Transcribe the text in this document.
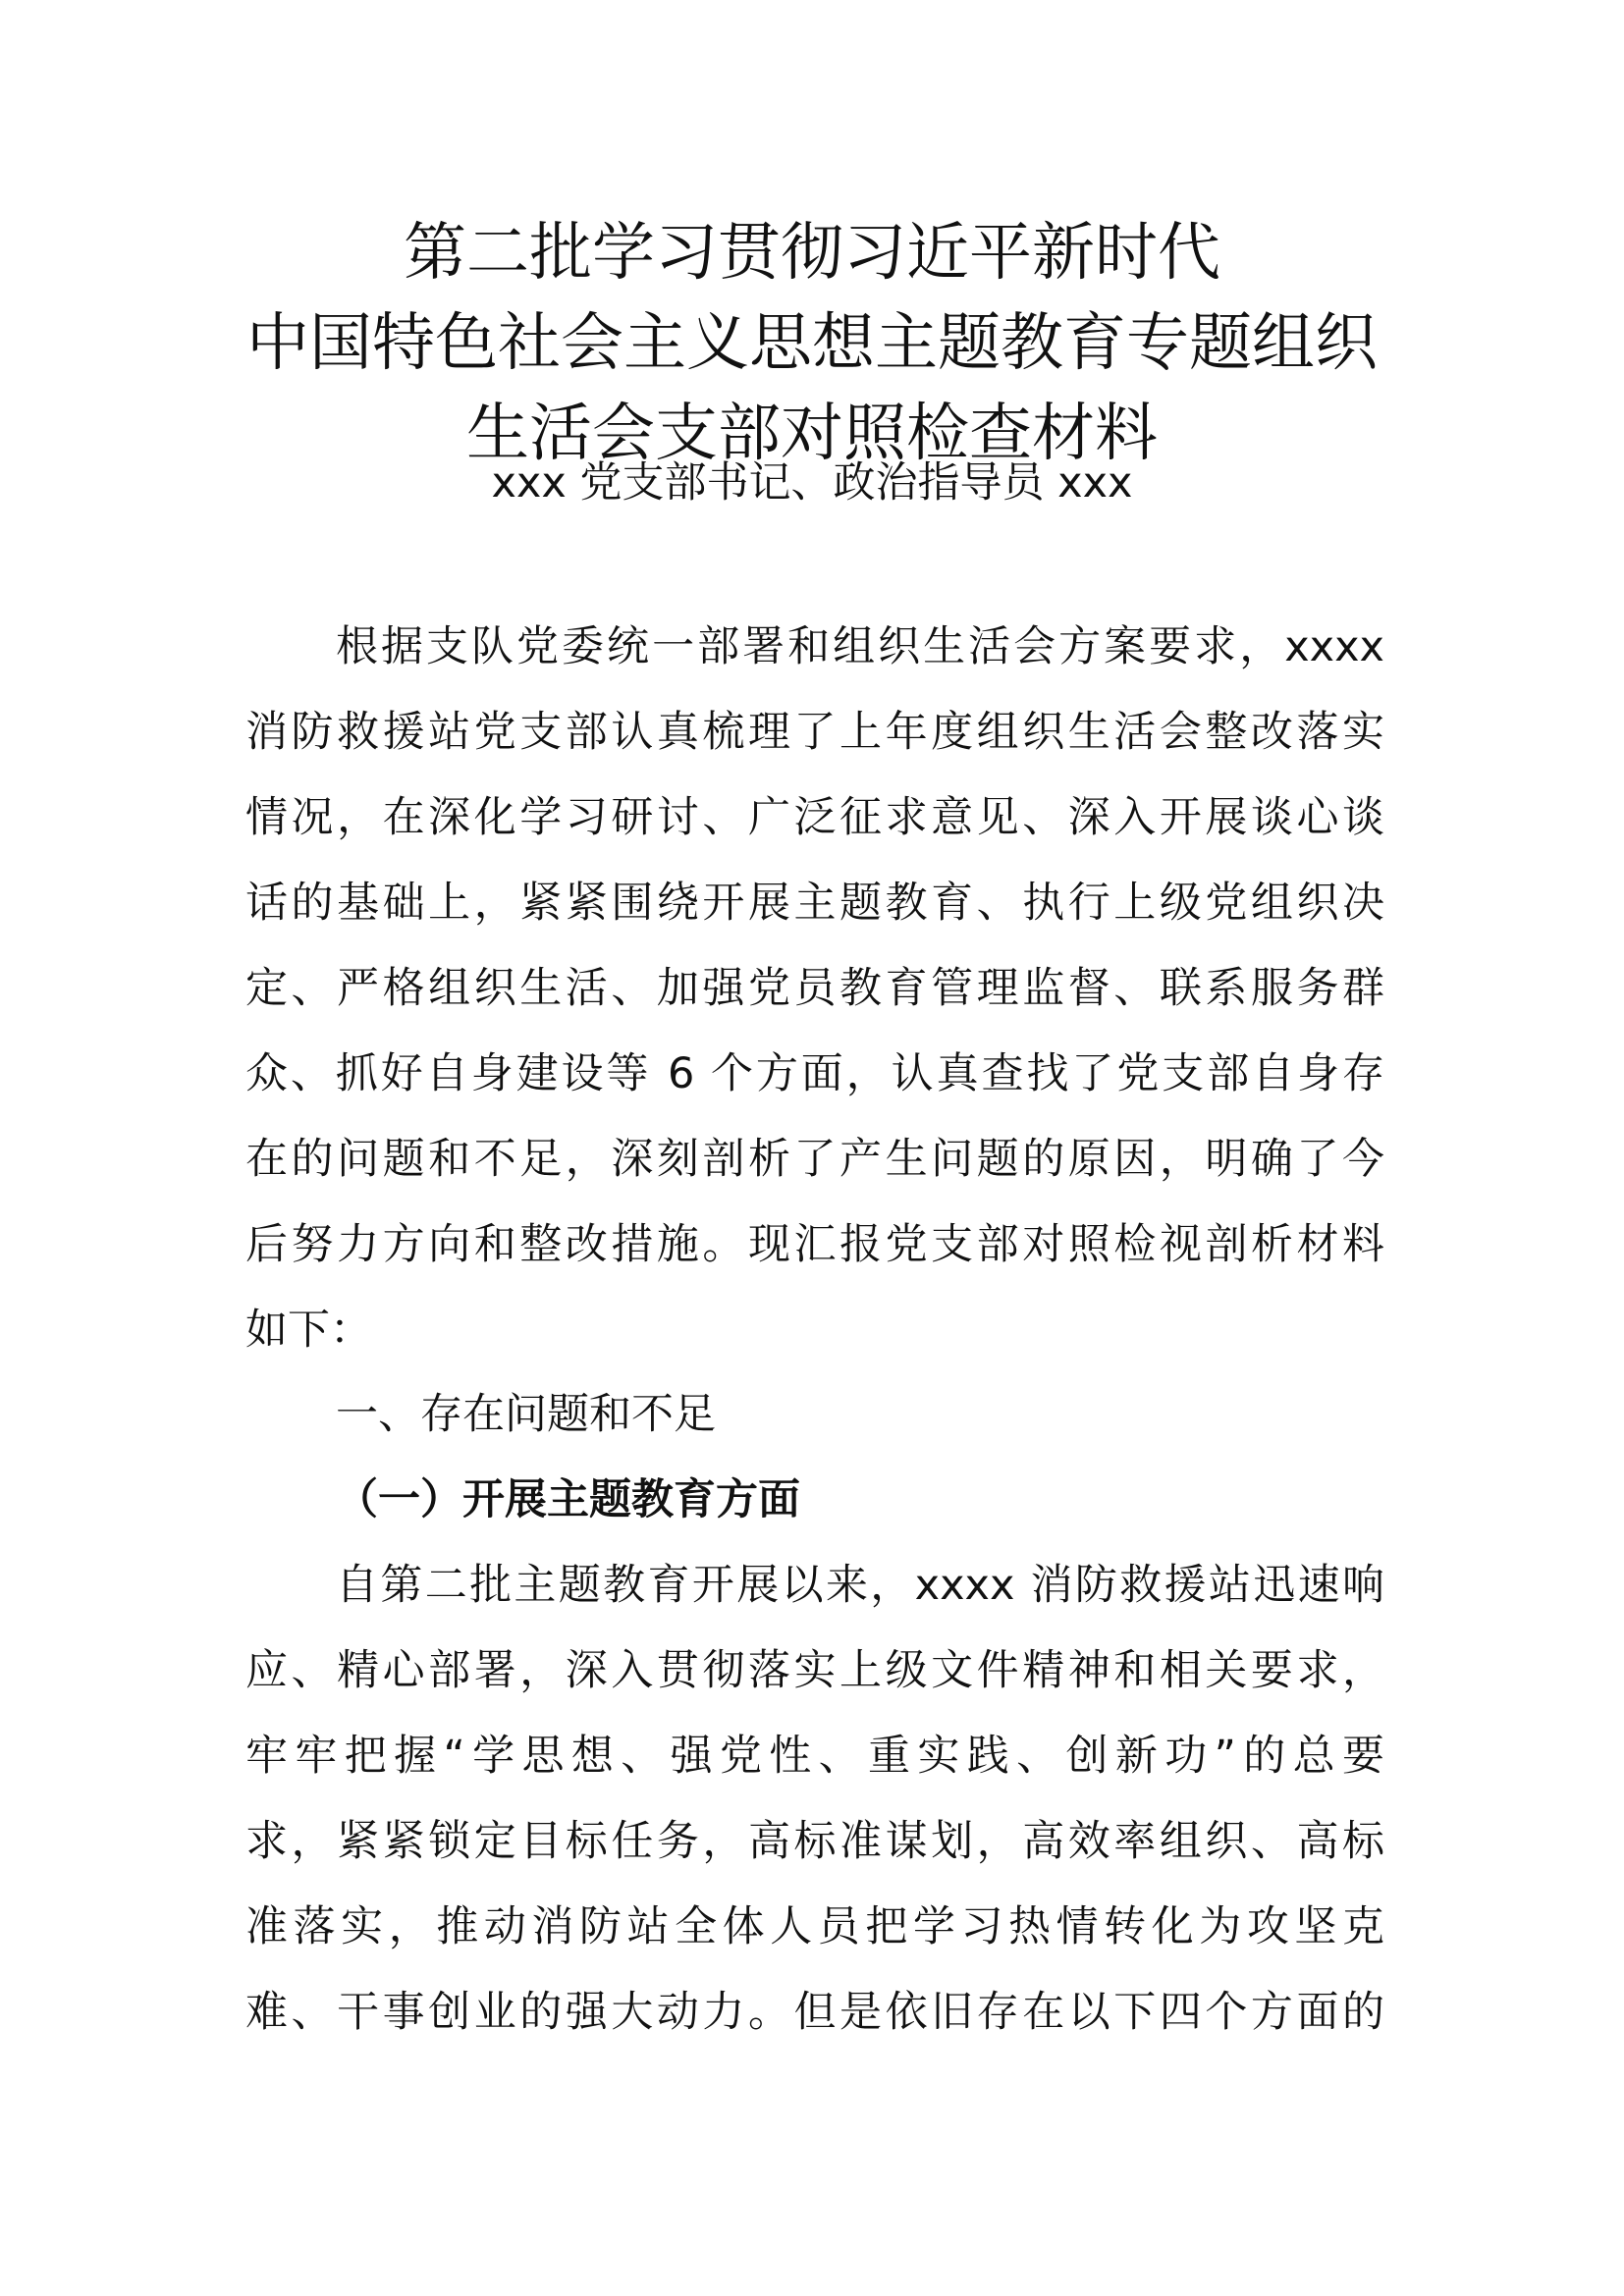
第二批学习贯彻习近平新时代
中国特色社会主义思想主题教育专题组织
生活会支部对照检查材料
xxx 党支部书记、政治指导员 xxx
根据支队党委统一部署和组织生活会方案要求，xxxx
消防救援站党支部认真梳理了上年度组织生活会整改落实
情况，在深化学习研讨、广泛征求意见、深入开展谈心谈
话的基础上，紧紧围绕开展主题教育、执行上级党组织决
定、严格组织生活、加强党员教育管理监督、联系服务群
众、抓好自身建设等 6 个方面，认真查找了党支部自身存
在的问题和不足，深刻剖析了产生问题的原因，明确了今
后努力方向和整改措施。现汇报党支部对照检视剖析材料
如下：
一、存在问题和不足
（一）开展主题教育方面
自第二批主题教育开展以来，xxxx 消防救援站迅速响
应、精心部署，深入贯彻落实上级文件精神和相关要求，
牢牢把握“学思想、强党性、重实践、创新功”的总要
求，紧紧锁定目标任务，高标准谋划，高效率组织、高标
准落实，推动消防站全体人员把学习热情转化为攻坚克
难、干事创业的强大动力。但是依旧存在以下四个方面的
